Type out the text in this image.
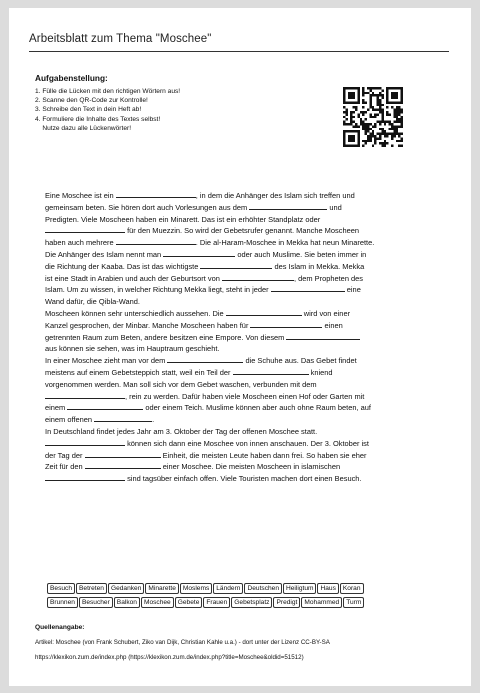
Arbeitsblatt zum Thema "Moschee"
Aufgabenstellung:
1. Fülle die Lücken mit den richtigen Wörtern aus!
2. Scanne den QR-Code zur Kontrolle!
3. Schreibe den Text in dein Heft ab!
4. Formuliere die Inhalte des Textes selbst!
Nutze dazu alle Lückenwörter!

Eine Moschee ist ein	, in dem die Anhänger des Islam sich treffen und

gemeinsam beten. Sie hören dort auch Vorlesungen aus dem	und

Predigten. Viele Moscheen haben ein Minarett. Das ist ein erhöhter Standplatz oder

für den Muezzin. So wird der Gebetsrufer genannt. Manche Moscheen

haben auch mehrere	. Die al-Haram-Moschee in Mekka hat neun Minarette.

Die Anhänger des Islam nennt man	oder auch Muslime. Sie beten immer in

die Richtung der Kaaba. Das ist das wichtigste	des Islam in Mekka. Mekka

ist eine Stadt in Arabien und auch der Geburtsort von	, dem Propheten des

Islam. Um zu wissen, in welcher Richtung Mekka liegt, steht in jeder	eine

Wand dafür, die Qibla-Wand.

Moscheen können sehr unterschiedlich aussehen. Die	wird von einer

Kanzel gesprochen, der Minbar. Manche Moscheen haben für	einen

getrennten Raum zum Beten, andere besitzen eine Empore. Von diesem

aus können sie sehen, was im Hauptraum geschieht.

In einer Moschee zieht man vor dem	die Schuhe aus. Das Gebet findet

meistens auf einem Gebetsteppich statt, weil ein Teil der	kniend

vorgenommen werden. Man soll sich vor dem Gebet waschen, verbunden mit dem

, rein zu werden. Dafür haben viele Moscheen einen Hof oder Garten mit

einem	oder einem Teich. Muslime können aber auch ohne Raum beten, auf

einem offenen	.

In Deutschland findet jedes Jahr am 3. Oktober der Tag der offenen Moschee statt.

können sich dann eine Moschee von innen anschauen. Der 3. Oktober ist

der Tag der	Einheit, die meisten Leute haben dann frei. So haben sie eher

Zeit für den	einer Moschee. Die meisten Moscheen in islamischen

sind tagsüber einfach offen. Viele Touristen machen dort einen Besuch.

Besuch	Betreten	Gedanken	Minarette	Moslems	Ländern	Deutschen	Heiligtum	Haus	Koran
Brunnen	Besucher	Balkon	Moschee	Gebete	Frauen	Gebetsplatz	Predigt	Mohammed	Turm
Quellenangabe:
Artikel: Moschee (von Frank Schubert, Ziko van Dijk, Christian Kahle u.a.) - dort unter der Lizenz CC-BY-SA
https://klexikon.zum.de/index.php (https://klexikon.zum.de/index.php?title=Moschee&oldid=51512)
